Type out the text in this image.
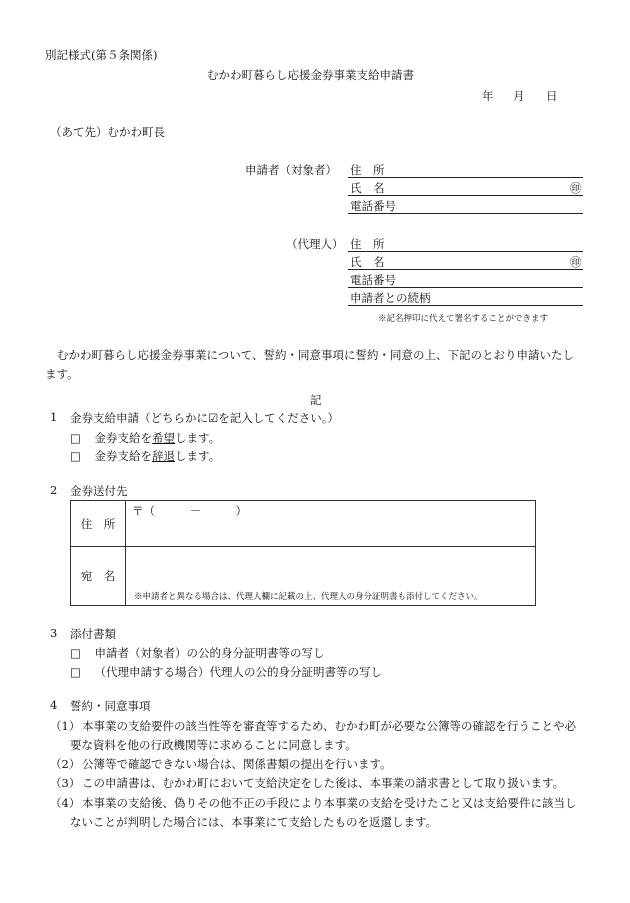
別記様式(第５条関係)
むかわ町暮らし応援金券事業支給申請書
年 月 日
（あて先）むかわ町長
申請者（対象者） 住　所
氏　名	㊞
電話番号
（代理人） 住　所
氏　名	㊞
電話番号
申請者との続柄
※記名押印に代えて署名することができます
むかわ町暮らし応援金券事業について、誓約・同意事項に誓約・同意の上、下記のとおり申請いたします。
記
1 金券支給申請（どちらかに☑を記入してください。）
□ 金券支給を希望します。
□ 金券支給を辞退します。
2 金券送付先
住　所	〒（　　　－　　　）

宛　名	※申請者と異なる場合は、代理人欄に記載の上、代理人の身分証明書も添付してください。
3 添付書類
□ 申請者（対象者）の公的身分証明書等の写し
□ （代理申請する場合）代理人の公的身分証明書等の写し
4 誓約・同意事項
（1） 本事業の支給要件の該当性等を審査等するため、むかわ町が必要な公簿等の確認を行うことや必
要な資料を他の行政機関等に求めることに同意します。
（2） 公簿等で確認できない場合は、関係書類の提出を行います。
（3） この申請書は、むかわ町において支給決定をした後は、本事業の請求書として取り扱います。
（4） 本事業の支給後、偽りその他不正の手段により本事業の支給を受けたこと又は支給要件に該当し
ないことが判明した場合には、本事業にて支給したものを返還します。
